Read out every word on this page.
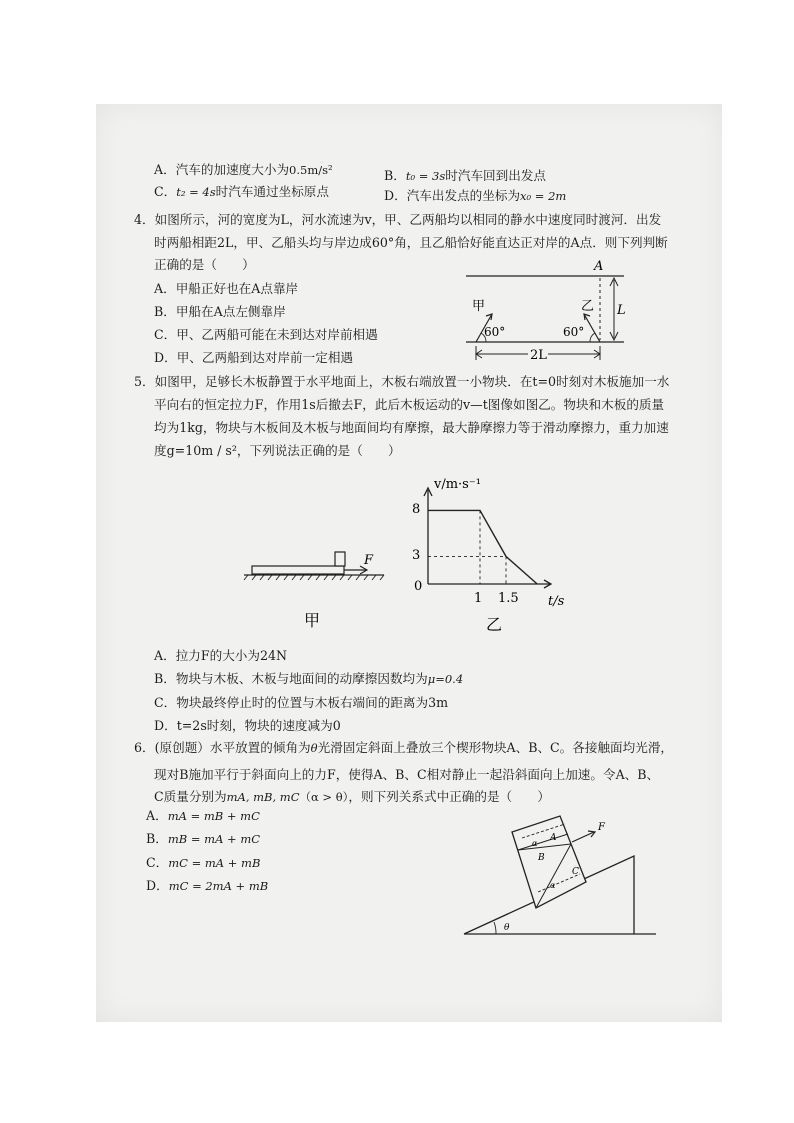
A．汽车的加速度大小为0.5m/s²	B．t₀ = 3s时汽车回到出发点
C．t₂ = 4s时汽车通过坐标原点	D．汽车出发点的坐标为x₀ = 2m
4．如图所示，河的宽度为L，河水流速为v，甲、乙两船均以相同的静水中速度同时渡河．出发
时两船相距2L，甲、乙船头均与岸边成60°角，且乙船恰好能直达正对岸的A点．则下列判断
正确的是（　　）
A．甲船正好也在A点靠岸
B．甲船在A点左侧靠岸
C．甲、乙两船可能在未到达对岸前相遇
D．甲、乙两船到达对岸前一定相遇
A
L
甲
60°
乙
60°
2L
5．如图甲，足够长木板静置于水平地面上，木板右端放置一小物块．在t=0时刻对木板施加一水
平向右的恒定拉力F，作用1s后撤去F，此后木板运动的v—t图像如图乙。物块和木板的质量
均为1kg，物块与木板间及木板与地面间均有摩擦，最大静摩擦力等于滑动摩擦力，重力加速
度g=10m / s²，下列说法正确的是（　　）
F
甲
v/m·s⁻¹
t/s
0
8
3
1 1.5
乙
A．拉力F的大小为24N
B．物块与木板、木板与地面间的动摩擦因数均为μ=0.4
C．物块最终停止时的位置与木板右端间的距离为3m
D．t=2s时刻，物块的速度减为0
6．(原创题）水平放置的倾角为θ光滑固定斜面上叠放三个楔形物块A、B、C。各接触面均光滑，
现对B施加平行于斜面向上的力F，使得A、B、C相对静止一起沿斜面向上加速。令A、B、
C质量分别为mA, mB, mC（α > θ），则下列关系式中正确的是（　　）
A．mA = mB + mC
B．mB = mA + mC
C．mC = mA + mB
D．mC = 2mA + mB
θ
A
B
C
α
α
F
